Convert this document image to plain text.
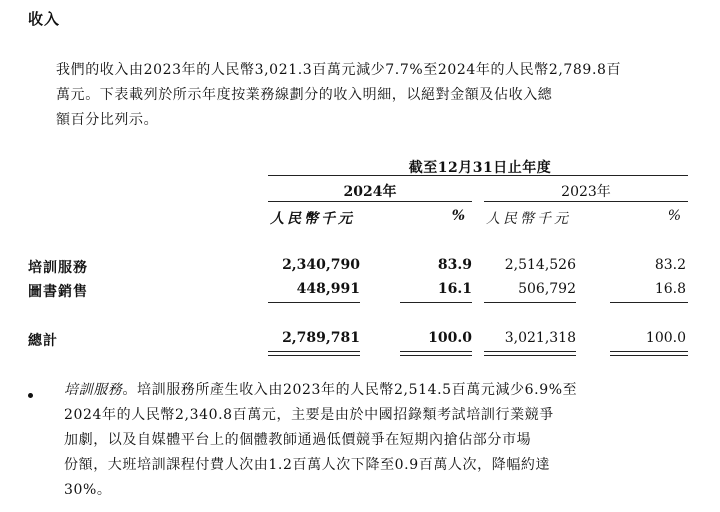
收入
我們的收入由2023年的人民幣3,021.3百萬元減少7.7%至2024年的人民幣2,789.8百
萬元。下表載列於所示年度按業務線劃分的收入明細，以絕對金額及佔收入總
額百分比列示。
截至12月31日止年度
2024年	2023年
人民幣千元	% 人民幣千元	%
培訓服務	2,340,790	83.9	2,514,526	83.2
圖書銷售	448,991	16.1	506,792	16.8
總計	2,789,781	100.0	3,021,318	100.0
培訓服務。培訓服務所產生收入由2023年的人民幣2,514.5百萬元減少6.9%至
2024年的人民幣2,340.8百萬元，主要是由於中國招錄類考試培訓行業競爭
加劇，以及自媒體平台上的個體教師通過低價競爭在短期內搶佔部分市場
份額，大班培訓課程付費人次由1.2百萬人次下降至0.9百萬人次，降幅約達
30%。
